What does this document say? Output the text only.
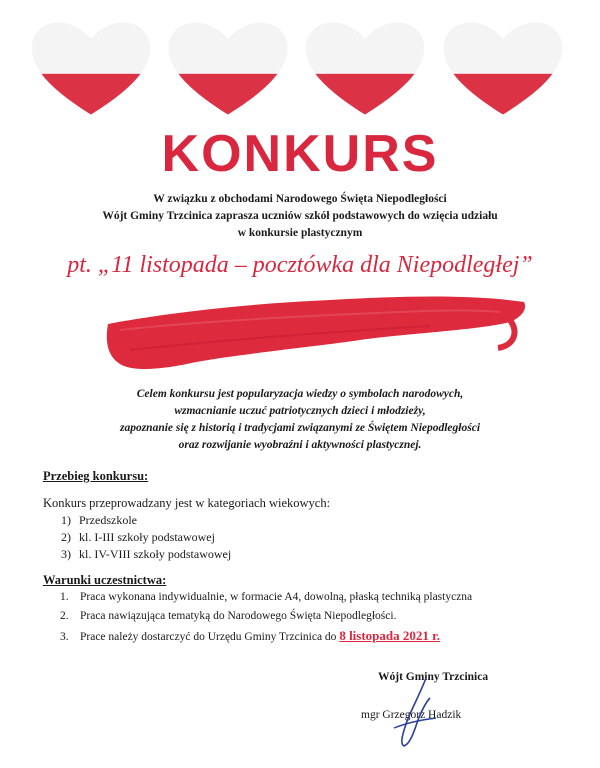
KONKURS
W związku z obchodami Narodowego Święta Niepodległości
Wójt Gminy Trzcinica zaprasza uczniów szkół podstawowych do wzięcia udziału
w konkursie plastycznym
pt. „11 listopada – pocztówka dla Niepodległej”
Celem konkursu jest popularyzacja wiedzy o symbolach narodowych,
wzmacnianie uczuć patriotycznych dzieci i młodzieży,
zapoznanie się z historią i tradycjami związanymi ze Świętem Niepodległości
oraz rozwijanie wyobraźni i aktywności plastycznej.
Przebieg konkursu:
Konkurs przeprowadzany jest w kategoriach wiekowych:
1) Przedszkole
2) kl. I-III szkoły podstawowej
3) kl. IV-VIII szkoły podstawowej
Warunki uczestnictwa:
1. Praca wykonana indywidualnie, w formacie A4, dowolną, płaską techniką plastyczna
2. Praca nawiązująca tematyką do Narodowego Święta Niepodległości.
3. Prace należy dostarczyć do Urzędu Gminy Trzcinica do 8 listopada 2021 r.
Wójt Gminy Trzcinica
mgr Grzegorz Hadzik
